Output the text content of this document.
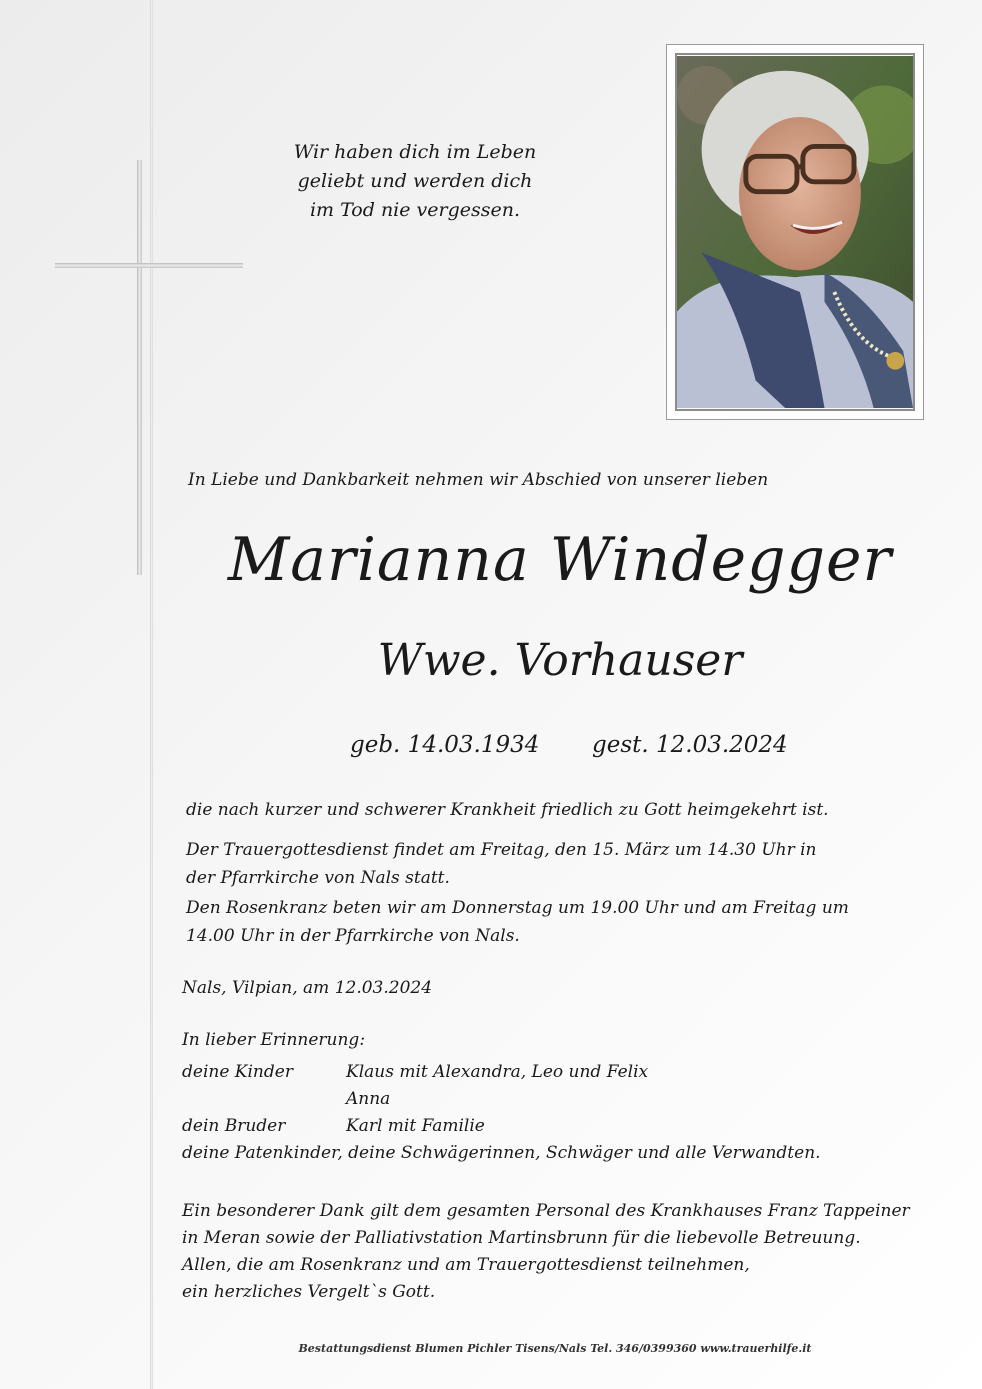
Wir haben dich im Leben
geliebt und werden dich
im Tod nie vergessen.
In Liebe und Dankbarkeit nehmen wir Abschied von unserer lieben
Marianna Windegger
Wwe. Vorhauser
geb. 14.03.1934 gest. 12.03.2024
die nach kurzer und schwerer Krankheit friedlich zu Gott heimgekehrt ist.
Der Trauergottesdienst findet am Freitag, den 15. März um 14.30 Uhr in
der Pfarrkirche von Nals statt.
Den Rosenkranz beten wir am Donnerstag um 19.00 Uhr und am Freitag um
14.00 Uhr in der Pfarrkirche von Nals.
Nals, Vilpian, am 12.03.2024
In lieber Erinnerung:
deine Kinder	Klaus mit Alexandra, Leo und Felix
Anna
dein Bruder	Karl mit Familie
deine Patenkinder, deine Schwägerinnen, Schwäger und alle Verwandten.
Ein besonderer Dank gilt dem gesamten Personal des Krankhauses Franz Tappeiner
in Meran sowie der Palliativstation Martinsbrunn für die liebevolle Betreuung.
Allen, die am Rosenkranz und am Trauergottesdienst teilnehmen,
ein herzliches Vergelt`s Gott.
Bestattungsdienst Blumen Pichler Tisens/Nals Tel. 346/0399360 www.trauerhilfe.it
